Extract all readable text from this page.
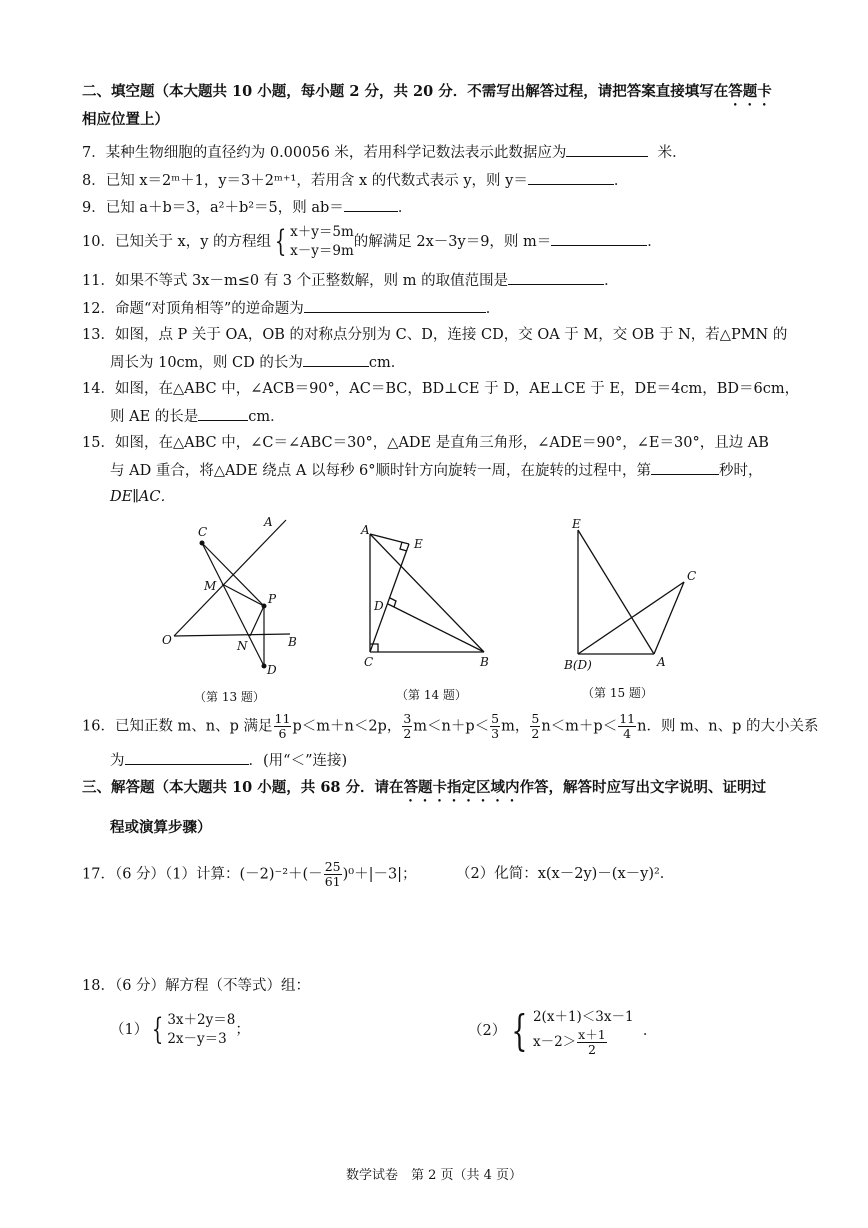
二、填空题（本大题共 10 小题，每小题 2 分，共 20 分．不需写出解答过程，请把答案直接填写在答题卡
相应位置上）
7．某种生物细胞的直径约为 0.00056 米，若用科学记数法表示此数据应为	米．
8．已知 x＝2ᵐ＋1，y＝3＋2ᵐ⁺¹，若用含 x 的代数式表示 y，则 y＝	．
9．已知 a＋b＝3，a²＋b²＝5，则 ab＝	．
10．已知关于 x，y 的方程组 { x＋y＝5m
x－y＝9m
的解满足 2x－3y＝9，则 m＝	．
11．如果不等式 3x－m≤0 有 3 个正整数解，则 m 的取值范围是	．
12．命题“对顶角相等”的逆命题为	．
13．如图，点 P 关于 OA，OB 的对称点分别为 C、D，连接 CD，交 OA 于 M，交 OB 于 N，若△PMN 的
周长为 10cm，则 CD 的长为	cm．
14．如图，在△ABC 中，∠ACB＝90°，AC＝BC，BD⊥CE 于 D，AE⊥CE 于 E，DE＝4cm，BD＝6cm，
则 AE 的长是	cm．
15．如图，在△ABC 中，∠C＝∠ABC＝30°，△ADE 是直角三角形，∠ADE＝90°，∠E＝30°，且边 AB
与 AD 重合，将△ADE 绕点 A 以每秒 6°顺时针方向旋转一周，在旋转的过程中，第	秒时，
DE∥AC．
C
A
M
P
O	N	B
D
（第 13 题）
A
E
D
C	B
（第 14 题）
E
C
B(D)	A
（第 15 题）
16．已知正数 m、n、p 满足 $\frac{11}{6} p<m+n<2p$， $\frac{3}{2} m<n+p< \frac{5}{3}$ m， $\frac{5}{2} n<m+p< \frac{11}{4}$ n．则 m、n、p 的大小关系
为	．(用“＜”连接)
三、解答题（本大题共 10 小题，共 68 分．请在答题卡指定区域内作答，解答时应写出文字说明、证明过
程或演算步骤）
17．（6 分）（1）计算：$(-2)^{-2}+(- \frac{25}{61} )^0+|-3|$；	（2）化简：x(x－2y)－(x－y)²．
18．（6 分）解方程（不等式）组：
（1） { 3x＋2y＝8
2x－y＝3
；	（2） { 2(x＋1)＜3x－1
$x-2> \frac{x+1}{2}$ ．
数学试卷　第 2 页（共 4 页）
